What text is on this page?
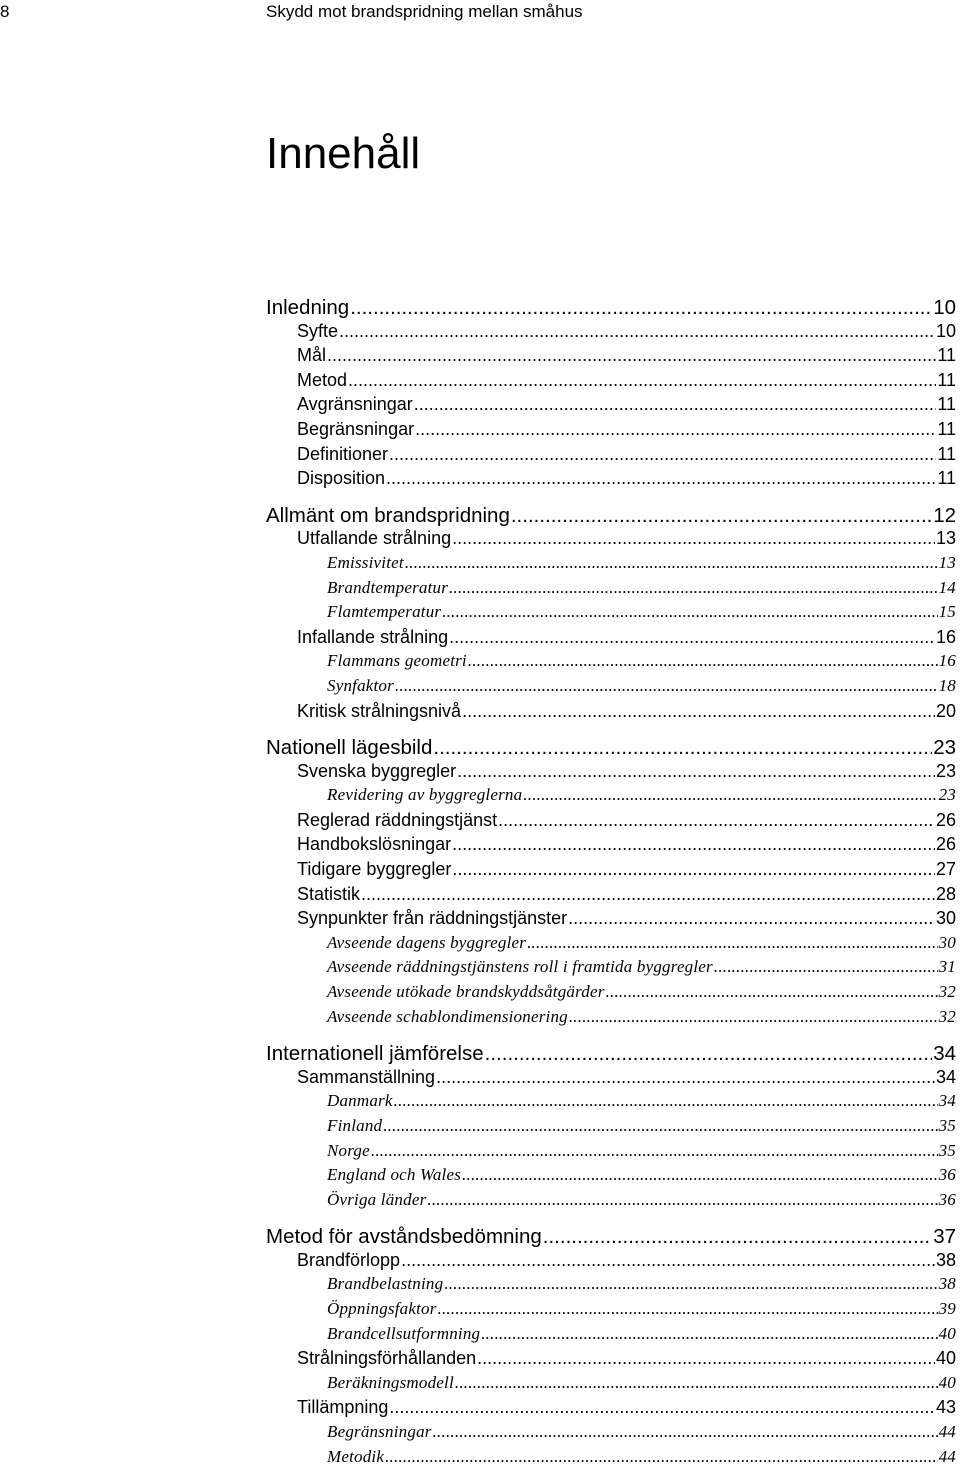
8	Skydd mot brandspridning mellan småhus
Innehåll
Inledning .....	10
Syfte .....	10
Mål .....	11
Metod .....	11
Avgränsningar .....	11
Begränsningar .....	11
Definitioner .....	11
Disposition .....	11
Allmänt om brandspridning .....	12
Utfallande strålning .....	13
Emissivitet .....	13
Brandtemperatur .....	14
Flamtemperatur .....	15
Infallande strålning .....	16
Flammans geometri .....	16
Synfaktor .....	18
Kritisk strålningsnivå .....	20
Nationell lägesbild .....	23
Svenska byggregler .....	23
Revidering av byggreglerna .....	23
Reglerad räddningstjänst .....	26
Handbokslösningar .....	26
Tidigare byggregler .....	27
Statistik .....	28
Synpunkter från räddningstjänster .....	30
Avseende dagens byggregler .....	30
Avseende räddningstjänstens roll i framtida byggregler .....	31
Avseende utökade brandskyddsåtgärder .....	32
Avseende schablondimensionering .....	32
Internationell jämförelse .....	34
Sammanställning .....	34
Danmark .....	34
Finland .....	35
Norge .....	35
England och Wales .....	36
Övriga länder .....	36
Metod för avståndsbedömning .....	37
Brandförlopp .....	38
Brandbelastning .....	38
Öppningsfaktor .....	39
Brandcellsutformning .....	40
Strålningsförhållanden .....	40
Beräkningsmodell .....	40
Tillämpning .....	43
Begränsningar .....	44
Metodik .....	44
